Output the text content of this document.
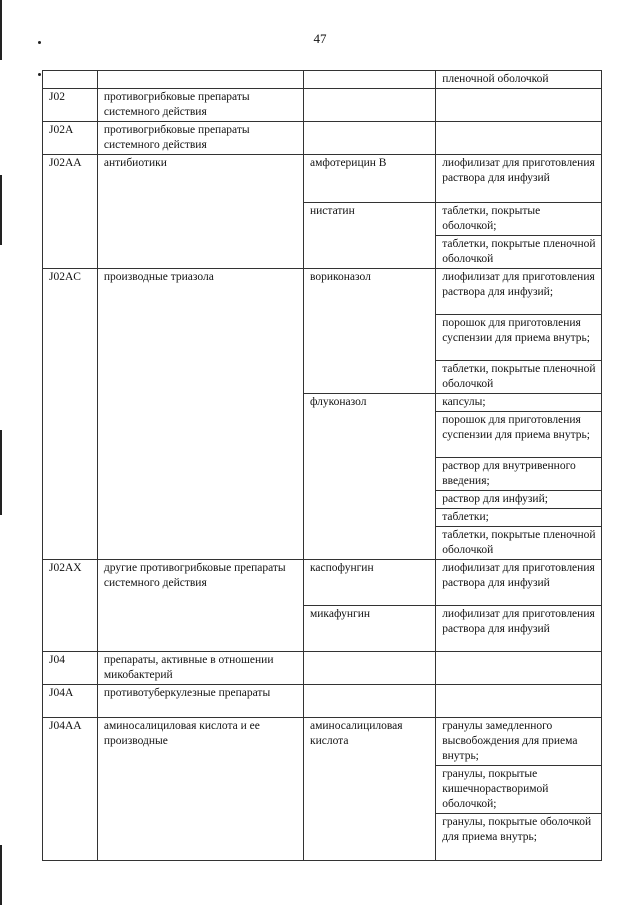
47
			пленочной оболочкой
J02	противогрибковые препараты системного действия		
J02A	противогрибковые препараты системного действия		
J02AA	антибиотики	амфотерицин В	лиофилизат для приготовления раствора для инфузий
		нистатин	таблетки, покрытые оболочкой;
			таблетки, покрытые пленочной оболочкой
J02AC	производные триазола	вориконазол	лиофилизат для приготовления раствора для инфузий;
			порошок для приготовления суспензии для приема внутрь;
			таблетки, покрытые пленочной оболочкой
		флуконазол	капсулы;
			порошок для приготовления суспензии для приема внутрь;
			раствор для внутривенного введения;
			раствор для инфузий;
			таблетки;
			таблетки, покрытые пленочной оболочкой
J02AX	другие противогрибковые препараты системного действия	каспофунгин	лиофилизат для приготовления раствора для инфузий
		микафунгин	лиофилизат для приготовления раствора для инфузий
J04	препараты, активные в отношении микобактерий		
J04A	противотуберкулезные препараты		
J04AA	аминосалициловая кислота и ее производные	аминосалициловая кислота	гранулы замедленного высвобождения для приема внутрь;
			гранулы, покрытые кишечнорастворимой оболочкой;
			гранулы, покрытые оболочкой для приема внутрь;
